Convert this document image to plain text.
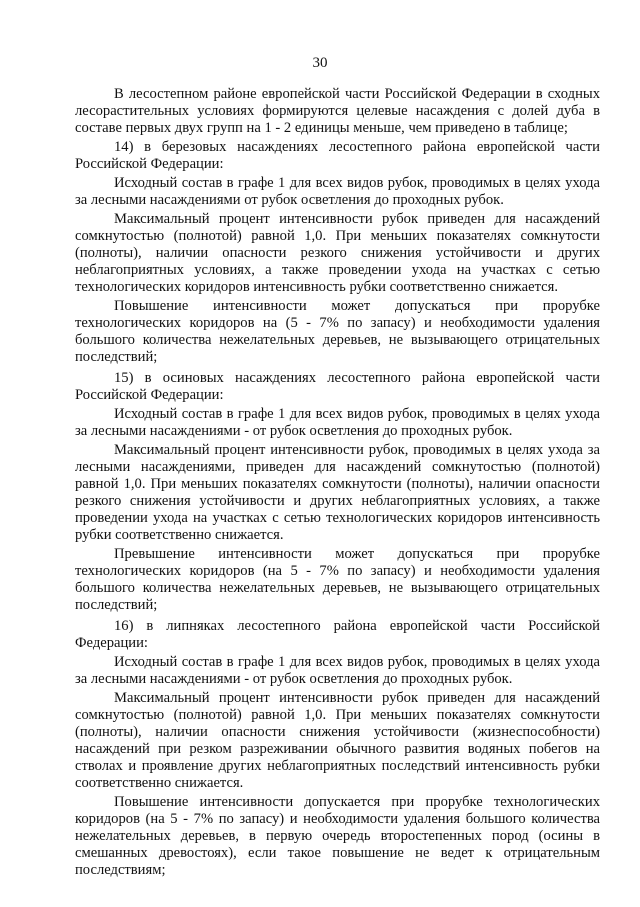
30

В лесостепном районе европейской части Российской Федерации в сходных лесорастительных условиях формируются целевые насаждения с долей дуба в составе первых двух групп на 1 - 2 единицы меньше, чем приведено в таблице;

14) в березовых насаждениях лесостепного района европейской части Российской Федерации:

Исходный состав в графе 1 для всех видов рубок, проводимых в целях ухода за лесными насаждениями от рубок осветления до проходных рубок.

Максимальный процент интенсивности рубок приведен для насаждений сомкнутостью (полнотой) равной 1,0. При меньших показателях сомкнутости (полноты), наличии опасности резкого снижения устойчивости и других неблагоприятных условиях, а также проведении ухода на участках с сетью технологических коридоров интенсивность рубки соответственно снижается.

Повышение интенсивности может допускаться при прорубке технологических коридоров на (5 - 7% по запасу) и необходимости удаления большого количества нежелательных деревьев, не вызывающего отрицательных последствий;

15) в осиновых насаждениях лесостепного района европейской части Российской Федерации:

Исходный состав в графе 1 для всех видов рубок, проводимых в целях ухода за лесными насаждениями - от рубок осветления до проходных рубок.

Максимальный процент интенсивности рубок, проводимых в целях ухода за лесными насаждениями, приведен для насаждений сомкнутостью (полнотой) равной 1,0. При меньших показателях сомкнутости (полноты), наличии опасности резкого снижения устойчивости и других неблагоприятных условиях, а также проведении ухода на участках с сетью технологических коридоров интенсивность рубки соответственно снижается.

Превышение интенсивности может допускаться при прорубке технологических коридоров (на 5 - 7% по запасу) и необходимости удаления большого количества нежелательных деревьев, не вызывающего отрицательных последствий;

16) в липняках лесостепного района европейской части Российской Федерации:

Исходный состав в графе 1 для всех видов рубок, проводимых в целях ухода за лесными насаждениями - от рубок осветления до проходных рубок.

Максимальный процент интенсивности рубок приведен для насаждений сомкнутостью (полнотой) равной 1,0. При меньших показателях сомкнутости (полноты), наличии опасности снижения устойчивости (жизнеспособности) насаждений при резком разреживании обычного развития водяных побегов на стволах и проявление других неблагоприятных последствий интенсивность рубки соответственно снижается.

Повышение интенсивности допускается при прорубке технологических коридоров (на 5 - 7% по запасу) и необходимости удаления большого количества нежелательных деревьев, в первую очередь второстепенных пород (осины в смешанных древостоях), если такое повышение не ведет к отрицательным последствиям;
